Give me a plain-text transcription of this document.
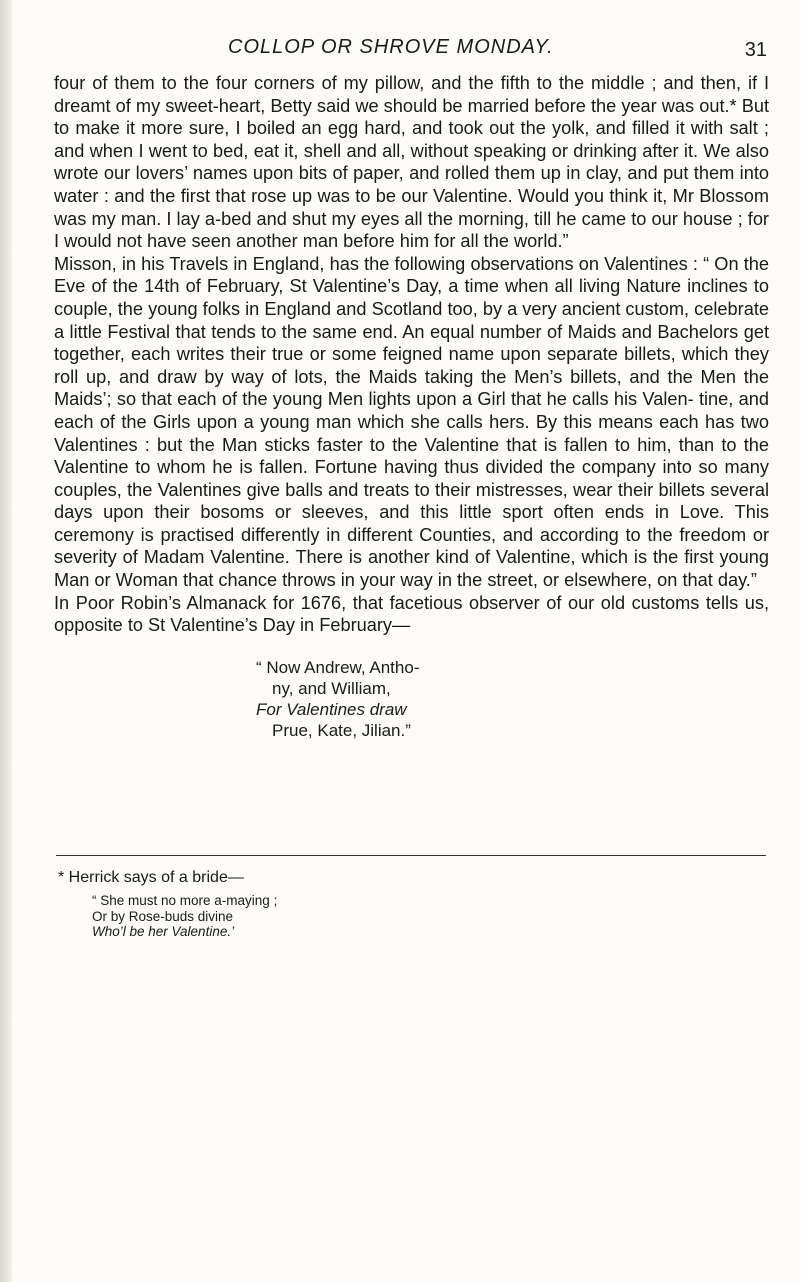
COLLOP OR SHROVE MONDAY.	31

four of them to the four corners of my pillow, and the fifth to the middle ; and then, if I dreamt of my sweet-heart, Betty said we should be married before the year was out.* But to make it more sure, I boiled an egg hard, and took out the yolk, and filled it with salt ; and when I went to bed, eat it, shell and all, without speaking or drinking after it. We also wrote our lovers’ names upon bits of paper, and rolled them up in clay, and put them into water : and the first that rose up was to be our Valentine. Would you think it, Mr Blossom was my man. I lay a-bed and shut my eyes all the morning, till he came to our house ; for I would not have seen another man before him for all the world.”

Misson, in his Travels in England, has the following observations on Valentines : “ On the Eve of the 14th of February, St Valentine’s Day, a time when all living Nature inclines to couple, the young folks in England and Scotland too, by a very ancient custom, celebrate a little Festival that tends to the same end. An equal number of Maids and Bachelors get together, each writes their true or some feigned name upon separate billets, which they roll up, and draw by way of lots, the Maids taking the Men’s billets, and the Men the Maids’; so that each of the young Men lights upon a Girl that he calls his Valen- tine, and each of the Girls upon a young man which she calls hers. By this means each has two Valentines : but the Man sticks faster to the Valentine that is fallen to him, than to the Valentine to whom he is fallen. Fortune having thus divided the company into so many couples, the Valentines give balls and treats to their mistresses, wear their billets several days upon their bosoms or sleeves, and this little sport often ends in Love. This ceremony is practised differently in different Counties, and according to the freedom or severity of Madam Valentine. There is another kind of Valentine, which is the first young Man or Woman that chance throws in your way in the street, or elsewhere, on that day.”

In Poor Robin’s Almanack for 1676, that facetious observer of our old customs tells us, opposite to St Valentine’s Day in February—

“ Now Andrew, Antho-
ny, and William,
For Valentines draw
Prue, Kate, Jilian.”
* Herrick says of a bride—
“ She must no more a-maying ;
Or by Rose-buds divine
Who’l be her Valentine.’
